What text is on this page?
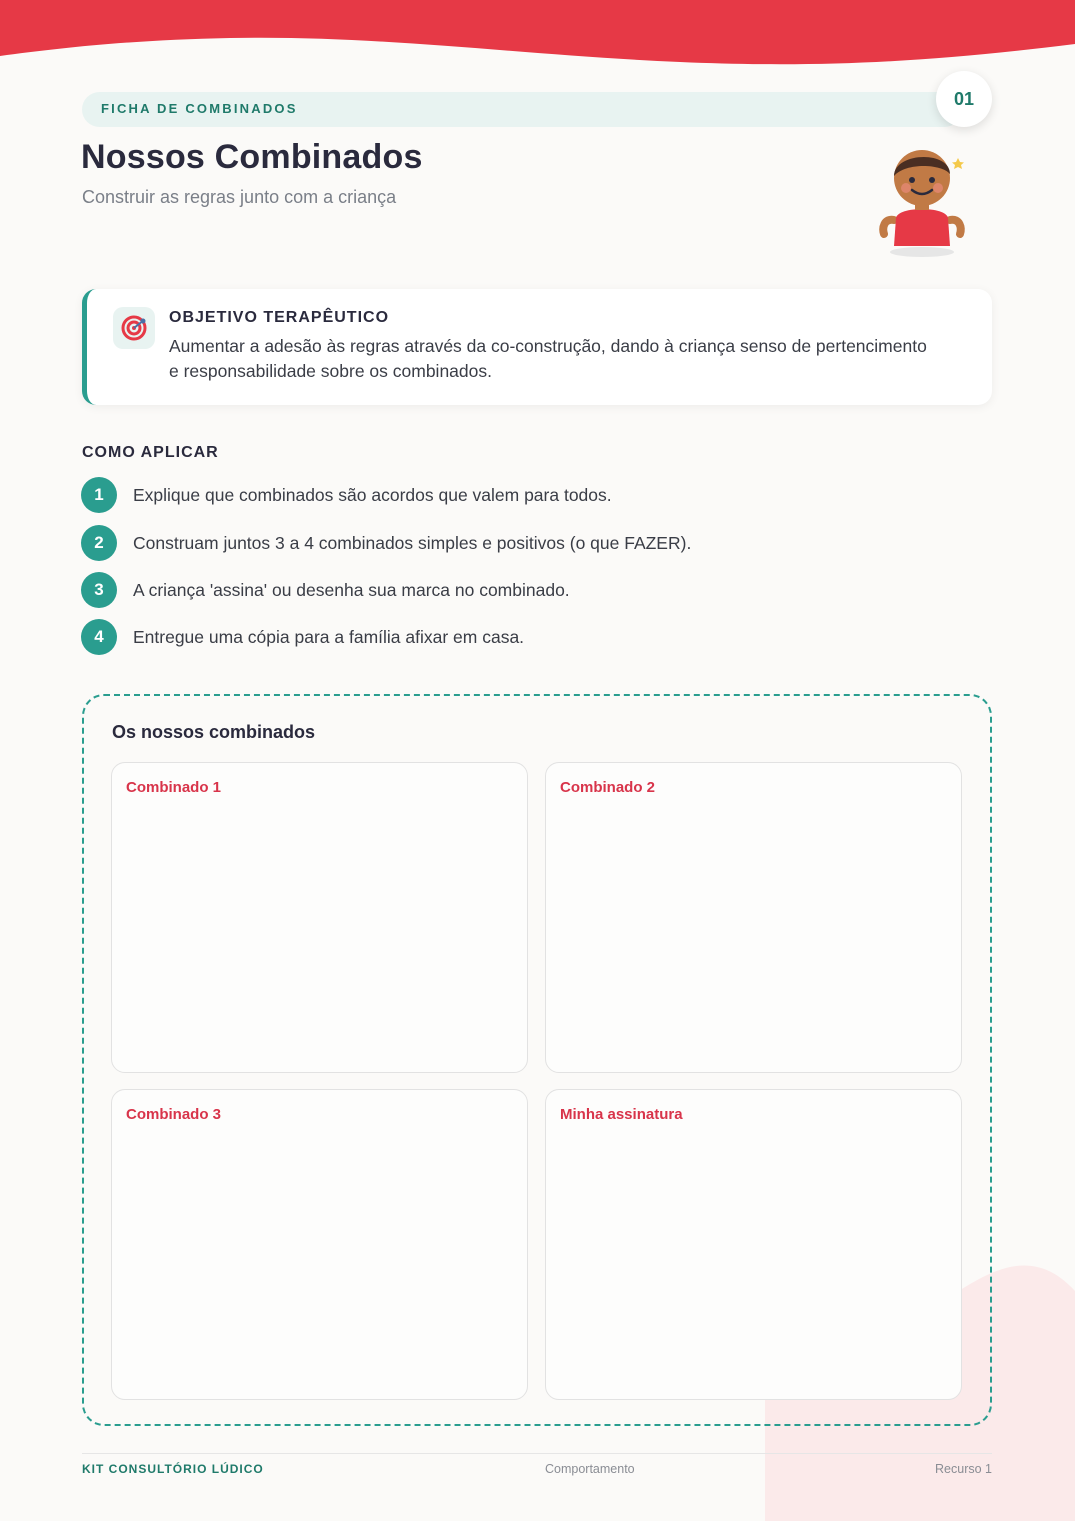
FICHA DE COMBINADOS	01
Nossos Combinados
Construir as regras junto com a criança
OBJETIVO TERAPÊUTICO
Aumentar a adesão às regras através da co-construção, dando à criança senso de pertencimento e responsabilidade sobre os combinados.
COMO APLICAR
1	Explique que combinados são acordos que valem para todos.
2	Construam juntos 3 a 4 combinados simples e positivos (o que FAZER).
3	A criança 'assina' ou desenha sua marca no combinado.
4	Entregue uma cópia para a família afixar em casa.
Os nossos combinados
Combinado 1	Combinado 2
Combinado 3	Minha assinatura
KIT CONSULTÓRIO LÚDICO	Comportamento	Recurso 1
